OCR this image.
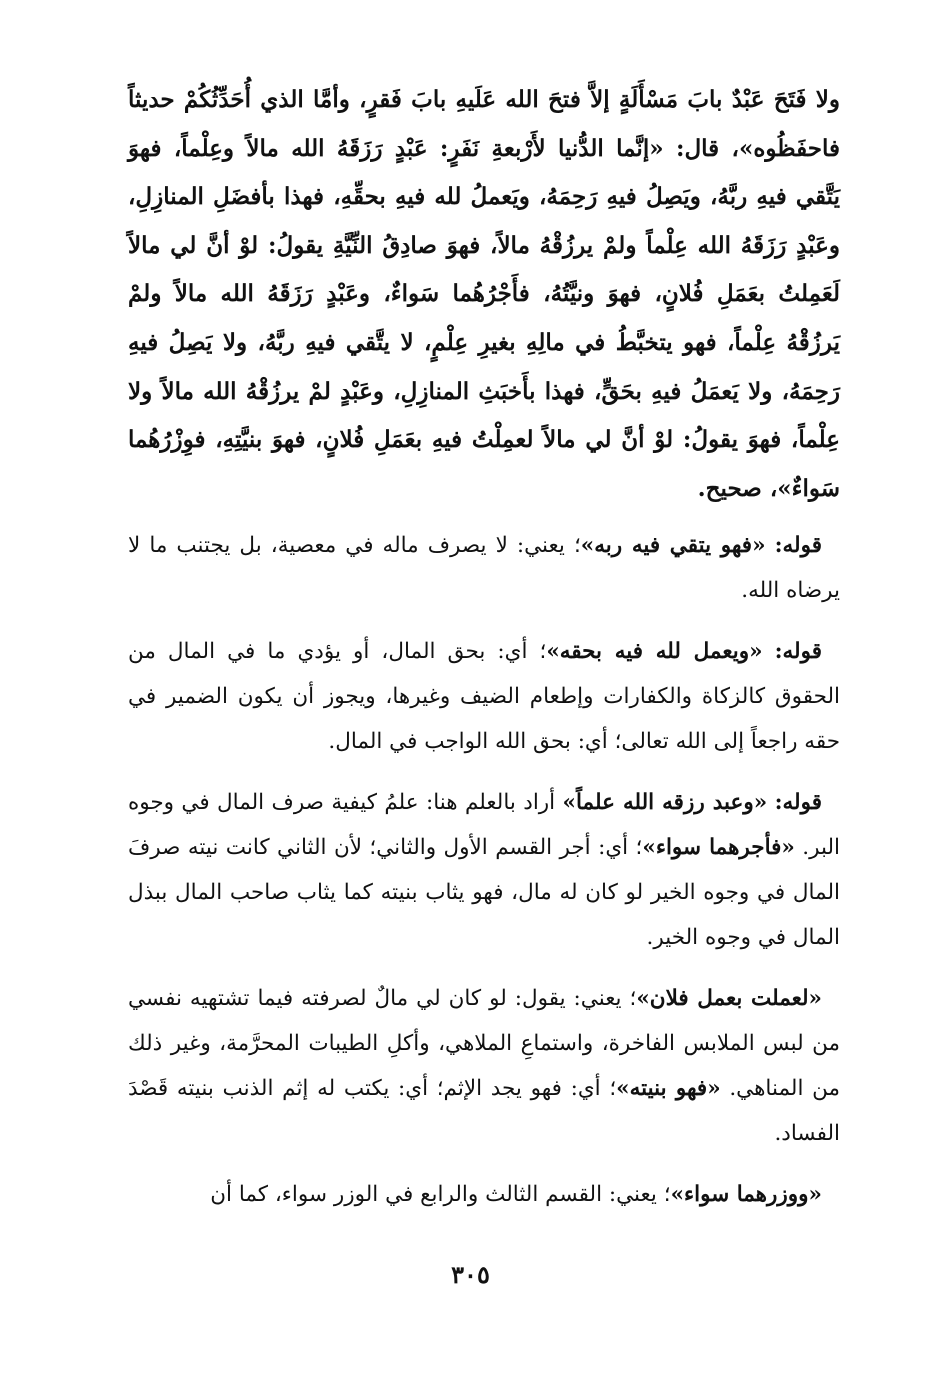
ولا فَتَحَ عَبْدٌ بابَ مَسْأَلَةٍ إلاَّ فتحَ الله عَلَيهِ بابَ فَقرٍ، وأمَّا الذي أُحَدِّثُكُمْ حديثاً فاحفَظُوه»، قال: «إنَّما الدُّنيا لأَرْبعةِ نَفَرٍ: عَبْدٍ رَزَقَهُ الله مالاً وعِلْماً، فهوَ يَتَّقي فيهِ ربَّهُ، ويَصِلُ فيهِ رَحِمَهُ، ويَعملُ لله فيهِ بحقِّهِ، فهذا بأفضَلِ المنازِلِ، وعَبْدٍ رَزَقَهُ الله عِلْماً ولمْ يرزُقْهُ مالاً، فهوَ صادِقُ النِّيَّةِ يقولُ: لوْ أنَّ لي مالاً لَعَمِلتُ بعَمَلِ فُلانٍ، فهوَ ونيَّتُهُ، فأَجْرُهُما سَواءٌ، وعَبْدٍ رَزَقَهُ الله مالاً ولمْ يَرزُقْهُ عِلْماً، فهو يتخبَّطُ في مالِهِ بغيرِ عِلْمٍ، لا يتَّقي فيهِ ربَّهُ، ولا يَصِلُ فيهِ رَحِمَهُ، ولا يَعمَلُ فيهِ بحَقٍّ، فهذا بأَخبَثِ المنازِلِ، وعَبْدٍ لمْ يرزُقْهُ الله مالاً ولا عِلْماً، فهوَ يقولُ: لوْ أنَّ لي مالاً لعمِلْتُ فيهِ بعَمَلِ فُلانٍ، فهوَ بنيَّتِهِ، فوِزْرُهُما سَواءٌ»، صحيح.

قوله: «فهو يتقي فيه ربه»؛ يعني: لا يصرف ماله في معصية، بل يجتنب ما لا يرضاه الله.

قوله: «ويعمل لله فيه بحقه»؛ أي: بحق المال، أو يؤدي ما في المال من الحقوق كالزكاة والكفارات وإطعام الضيف وغيرها، ويجوز أن يكون الضمير في حقه راجعاً إلى الله تعالى؛ أي: بحق الله الواجب في المال.

قوله: «وعبد رزقه الله علماً» أراد بالعلم هنا: علمُ كيفية صرف المال في وجوه البر. «فأجرهما سواء»؛ أي: أجر القسم الأول والثاني؛ لأن الثاني كانت نيته صرفَ المال في وجوه الخير لو كان له مال، فهو يثاب بنيته كما يثاب صاحب المال ببذل المال في وجوه الخير.

«لعملت بعمل فلان»؛ يعني: يقول: لو كان لي مالٌ لصرفته فيما تشتهيه نفسي من لبس الملابس الفاخرة، واستماعِ الملاهي، وأكلِ الطيبات المحرَّمة، وغير ذلك من المناهي. «فهو بنيته»؛ أي: فهو يجد الإثم؛ أي: يكتب له إثم الذنب بنيته قَصْدَ الفساد.

«ووزرهما سواء»؛ يعني: القسم الثالث والرابع في الوزر سواء، كما أن

٣٠٥
